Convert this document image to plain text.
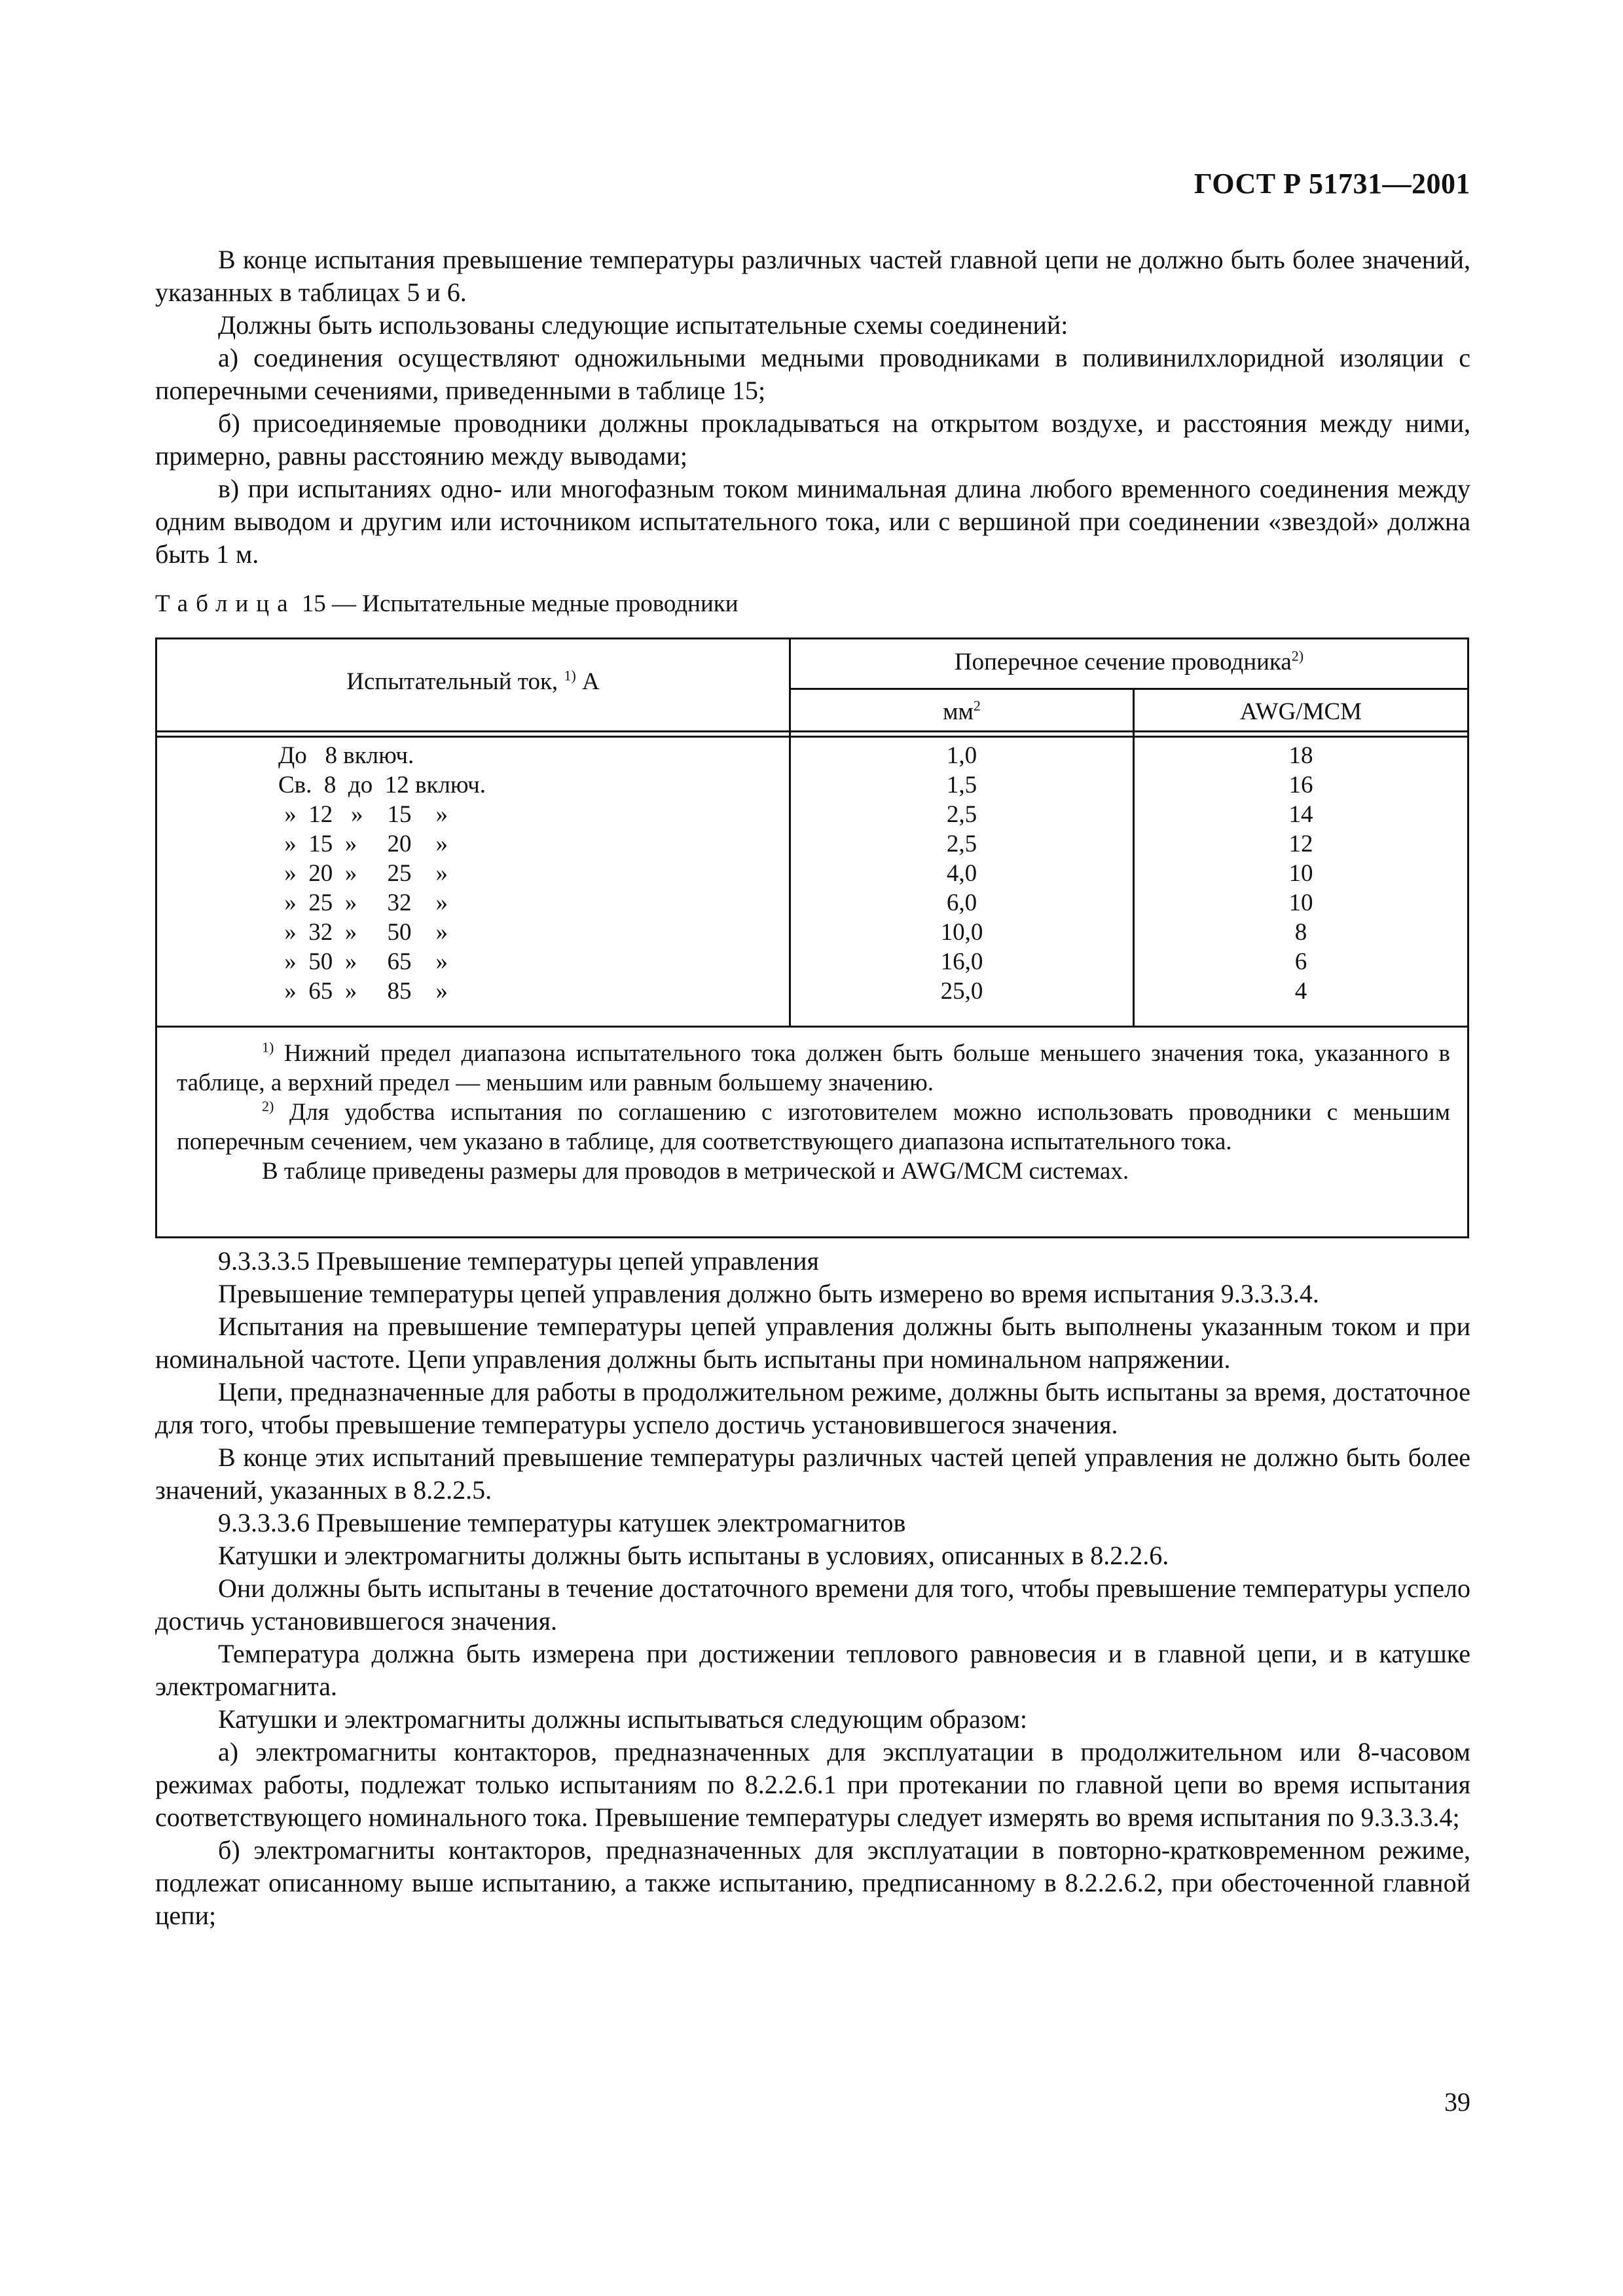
ГОСТ Р 51731—2001

В конце испытания превышение температуры различных частей главной цепи не должно быть более значений, указанных в таблицах 5 и 6.

Должны быть использованы следующие испытательные схемы соединений:

а) соединения осуществляют одножильными медными проводниками в поливинилхлоридной изоляции с поперечными сечениями, приведенными в таблице 15;

б) присоединяемые проводники должны прокладываться на открытом воздухе, и расстояния между ними, примерно, равны расстоянию между выводами;

в) при испытаниях одно- или многофазным током минимальная длина любого временного соединения между одним выводом и другим или источником испытательного тока, или с вершиной при соединении «звездой» должна быть 1 м.

Таблица 15 — Испытательные медные проводники
Испытательный ток, $^{1)}$ А
Поперечное сечение проводника$^{2)}$
$мм^2$	AWG/MCM
До   8 включ.
Св.  8  до  12 включ.
»  12   »    15    »
»  15  »     20    »
»  20  »     25    »
»  25  »     32    »
»  32  »     50    »
»  50  »     65    »
»  65  »     85    »
1,0
1,5
2,5
2,5
4,0
6,0
10,0
16,0
25,0
18
16
14
12
10
10
8
6
4

$^{1)}$ Нижний предел диапазона испытательного тока должен быть больше меньшего значения тока, указанного в таблице, а верхний предел — меньшим или равным большему значению.

$^{2)}$ Для удобства испытания по соглашению с изготовителем можно использовать проводники с меньшим поперечным сечением, чем указано в таблице, для соответствующего диапазона испытательного тока.

В таблице приведены размеры для проводов в метрической и AWG/MCM системах.

9.3.3.3.5 Превышение температуры цепей управления

Превышение температуры цепей управления должно быть измерено во время испытания 9.3.3.3.4.

Испытания на превышение температуры цепей управления должны быть выполнены указанным током и при номинальной частоте. Цепи управления должны быть испытаны при номинальном напряжении.

Цепи, предназначенные для работы в продолжительном режиме, должны быть испытаны за время, достаточное для того, чтобы превышение температуры успело достичь установившегося значения.

В конце этих испытаний превышение температуры различных частей цепей управления не должно быть более значений, указанных в 8.2.2.5.

9.3.3.3.6 Превышение температуры катушек электромагнитов

Катушки и электромагниты должны быть испытаны в условиях, описанных в 8.2.2.6.

Они должны быть испытаны в течение достаточного времени для того, чтобы превышение температуры успело достичь установившегося значения.

Температура должна быть измерена при достижении теплового равновесия и в главной цепи, и в катушке электромагнита.

Катушки и электромагниты должны испытываться следующим образом:

а) электромагниты контакторов, предназначенных для эксплуатации в продолжительном или 8-часовом режимах работы, подлежат только испытаниям по 8.2.2.6.1 при протекании по главной цепи во время испытания соответствующего номинального тока. Превышение температуры следует измерять во время испытания по 9.3.3.3.4;

б) электромагниты контакторов, предназначенных для эксплуатации в повторно-кратковременном режиме, подлежат описанному выше испытанию, а также испытанию, предписанному в 8.2.2.6.2, при обесточенной главной цепи;

39
